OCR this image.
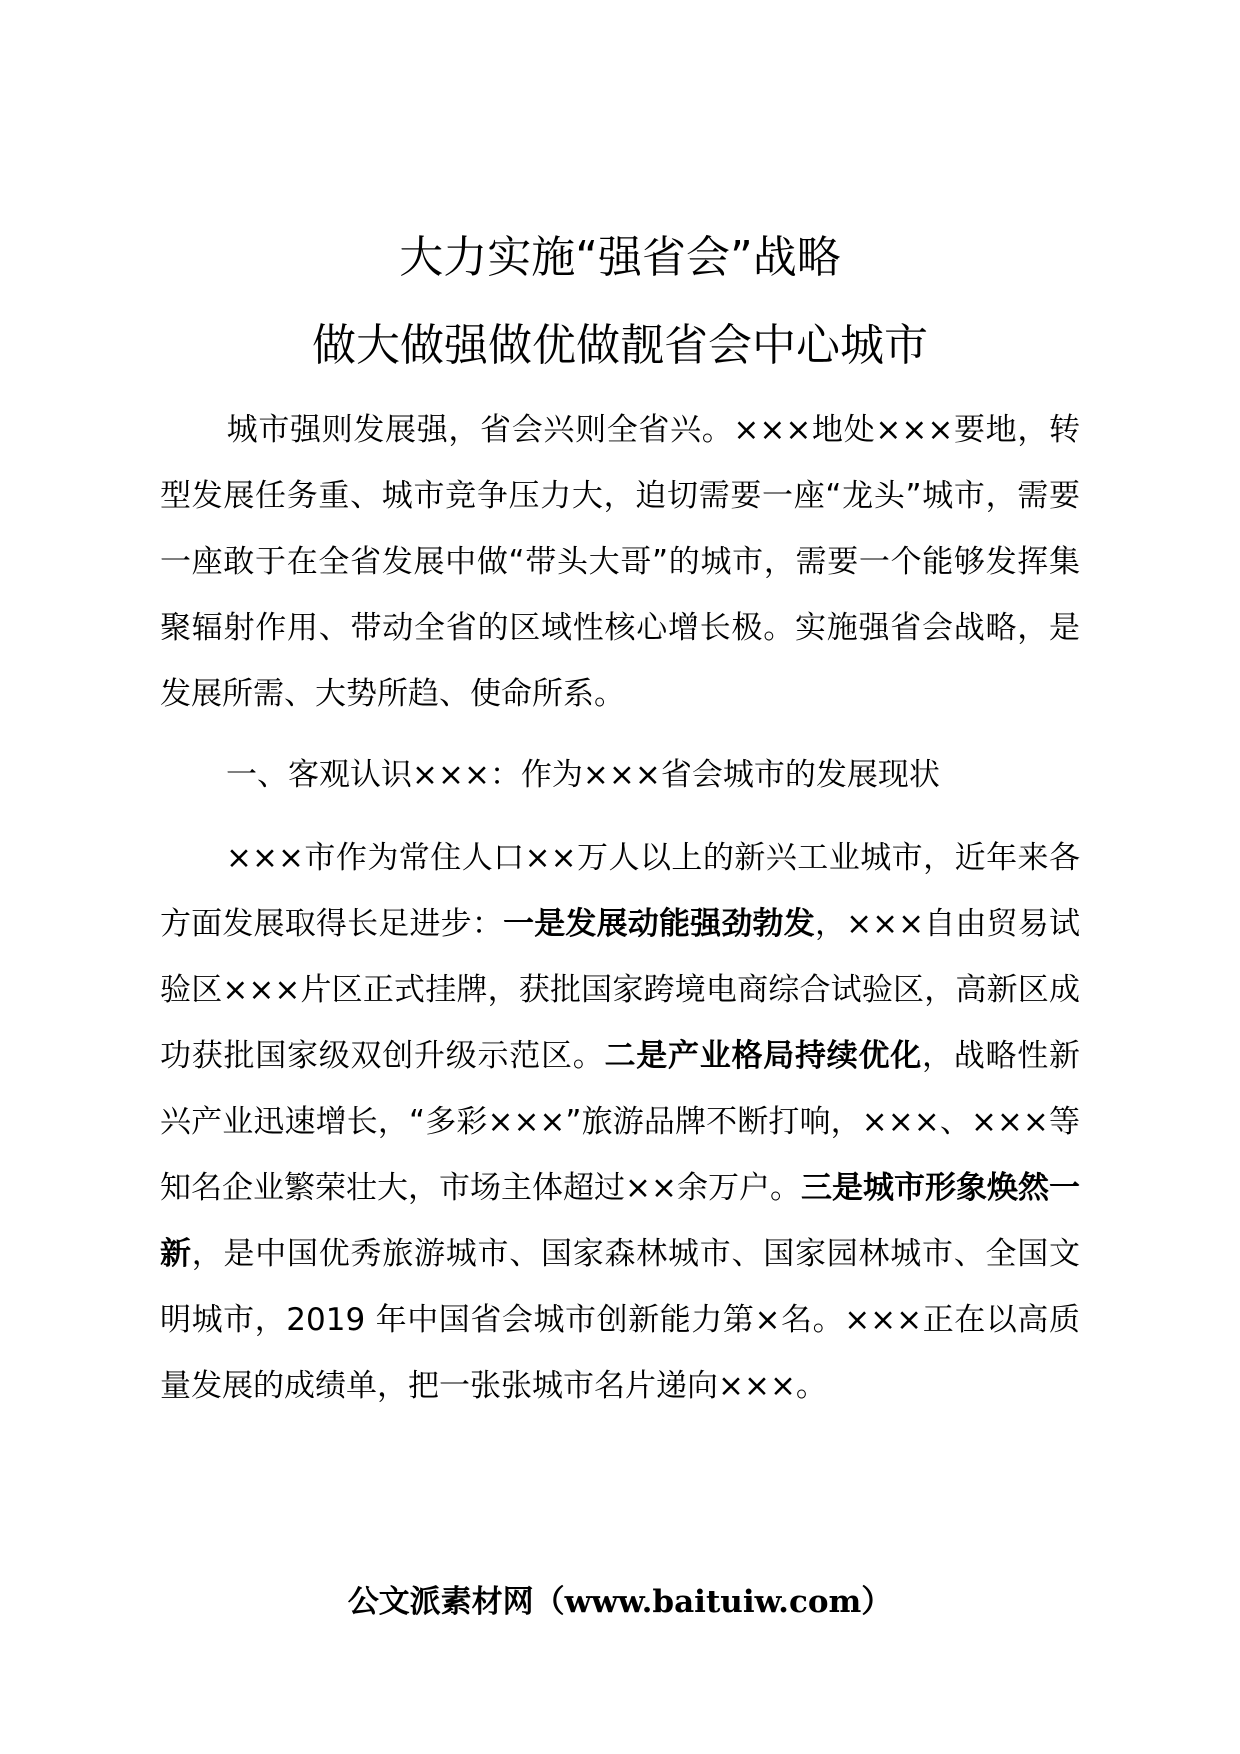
大力实施“强省会”战略
做大做强做优做靓省会中心城市

城市强则发展强，省会兴则全省兴。×××地处×××要地，转型发展任务重、城市竞争压力大，迫切需要一座“龙头”城市，需要一座敢于在全省发展中做“带头大哥”的城市，需要一个能够发挥集聚辐射作用、带动全省的区域性核心增长极。实施强省会战略，是发展所需、大势所趋、使命所系。

一、客观认识×××：作为×××省会城市的发展现状

×××市作为常住人口××万人以上的新兴工业城市，近年来各方面发展取得长足进步：一是发展动能强劲勃发，×××自由贸易试验区×××片区正式挂牌，获批国家跨境电商综合试验区，高新区成功获批国家级双创升级示范区。二是产业格局持续优化，战略性新兴产业迅速增长，“多彩×××”旅游品牌不断打响，×××、×××等知名企业繁荣壮大，市场主体超过××余万户。三是城市形象焕然一新，是中国优秀旅游城市、国家森林城市、国家园林城市、全国文明城市，2019 年中国省会城市创新能力第×名。×××正在以高质量发展的成绩单，把一张张城市名片递向×××。

公文派素材网（www.baituiw.com）
